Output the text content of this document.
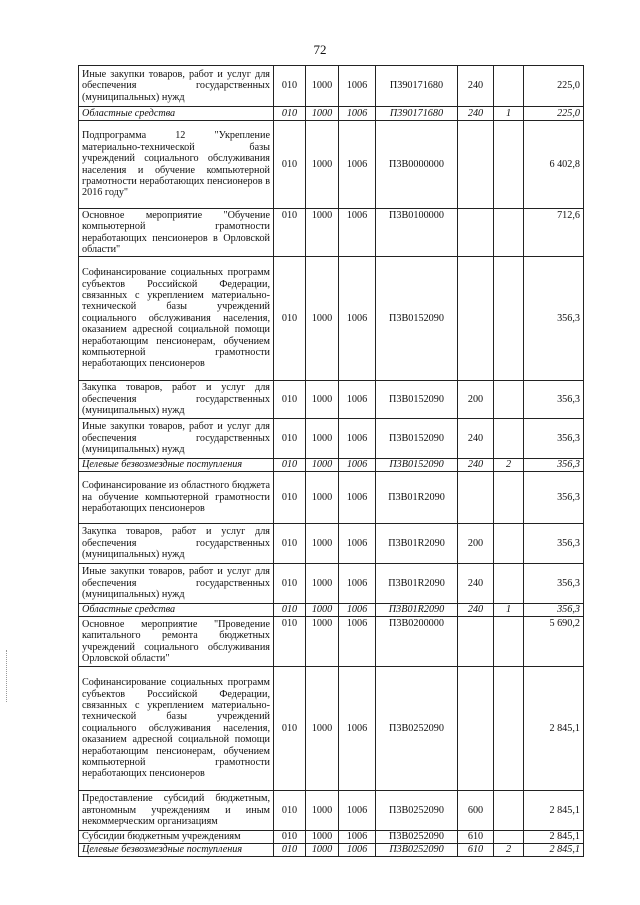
72
Иные закупки товаров, работ и услуг для обеспечения государственных (муниципальных) нужд	010	1000	1006	П390171680	240		225,0
Областные средства	010	1000	1006	П390171680	240	1	225,0
Подпрограмма 12 "Укрепление материально-технической базы учреждений социального обслуживания населения и обучение компьютерной грамотности неработающих пенсионеров в 2016 году"	010	1000	1006	П3В0000000			6 402,8
Основное мероприятие "Обучение компьютерной грамотности неработающих пенсионеров в Орловской области"	010	1000	1006	П3В0100000			712,6
Софинансирование социальных программ субъектов Российской Федерации, связанных с укреплением материально-технической базы учреждений социального обслуживания населения, оказанием адресной социальной помощи неработающим пенсионерам, обучением компьютерной грамотности неработающих пенсионеров	010	1000	1006	П3В0152090			356,3
Закупка товаров, работ и услуг для обеспечения государственных (муниципальных) нужд	010	1000	1006	П3В0152090	200		356,3
Иные закупки товаров, работ и услуг для обеспечения государственных (муниципальных) нужд	010	1000	1006	П3В0152090	240		356,3
Целевые безвозмездные поступления	010	1000	1006	П3В0152090	240	2	356,3
Софинансирование из областного бюджета на обучение компьютерной грамотности неработающих пенсионеров	010	1000	1006	П3В01R2090			356,3
Закупка товаров, работ и услуг для обеспечения государственных (муниципальных) нужд	010	1000	1006	П3В01R2090	200		356,3
Иные закупки товаров, работ и услуг для обеспечения государственных (муниципальных) нужд	010	1000	1006	П3В01R2090	240		356,3
Областные средства	010	1000	1006	П3В01R2090	240	1	356,3
Основное мероприятие "Проведение капитального ремонта бюджетных учреждений социального обслуживания Орловской области"	010	1000	1006	П3В0200000			5 690,2
Софинансирование социальных программ субъектов Российской Федерации, связанных с укреплением материально-технической базы учреждений социального обслуживания населения, оказанием адресной социальной помощи неработающим пенсионерам, обучением компьютерной грамотности неработающих пенсионеров	010	1000	1006	П3В0252090			2 845,1
Предоставление субсидий бюджетным, автономным учреждениям и иным некоммерческим организациям	010	1000	1006	П3В0252090	600		2 845,1
Субсидии бюджетным учреждениям	010	1000	1006	П3В0252090	610		2 845,1
Целевые безвозмездные поступления	010	1000	1006	П3В0252090	610	2	2 845,1
